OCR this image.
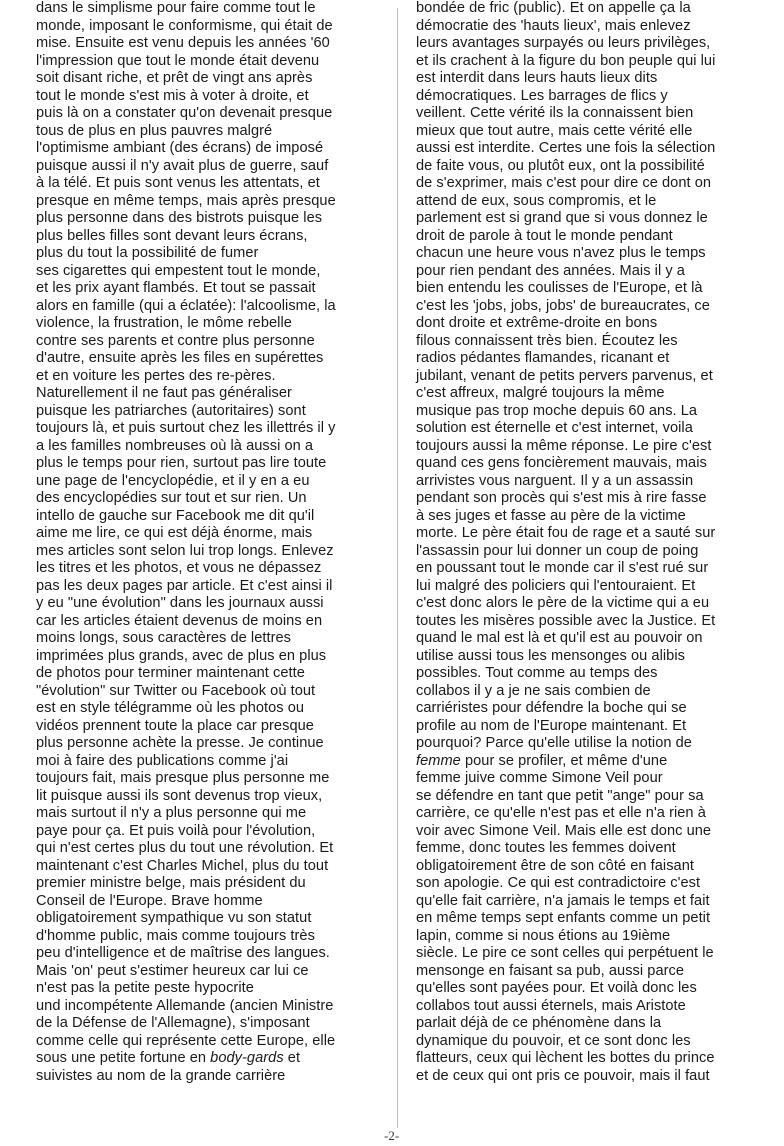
dans le simplisme pour faire comme tout le
monde, imposant le conformisme, qui était de
mise. Ensuite est venu depuis les années '60
l'impression que tout le monde était devenu
soit disant riche, et prêt de vingt ans après
tout le monde s'est mis à voter à droite, et
puis là on a constater qu'on devenait presque
tous de plus en plus pauvres malgré
l'optimisme ambiant (des écrans) de imposé
puisque aussi il n'y avait plus de guerre, sauf
à la télé. Et puis sont venus les attentats, et
presque en même temps, mais après presque
plus personne dans des bistrots puisque les
plus belles filles sont devant leurs écrans,
plus du tout la possibilité de fumer
ses cigarettes qui empestent tout le monde,
et les prix ayant flambés. Et tout se passait
alors en famille (qui a éclatée): l'alcoolisme, la
violence, la frustration, le môme rebelle
contre ses parents et contre plus personne
d'autre, ensuite après les files en supérettes
et en voiture les pertes des re-pères.
Naturellement il ne faut pas généraliser
puisque les patriarches (autoritaires) sont
toujours là, et puis surtout chez les illettrés il y
a les familles nombreuses où là aussi on a
plus le temps pour rien, surtout pas lire toute
une page de l'encyclopédie, et il y en a eu
des encyclopédies sur tout et sur rien. Un
intello de gauche sur Facebook me dit qu'il
aime me lire, ce qui est déjà énorme, mais
mes articles sont selon lui trop longs. Enlevez
les titres et les photos, et vous ne dépassez
pas les deux pages par article. Et c'est ainsi il
y eu "une évolution" dans les journaux aussi
car les articles étaient devenus de moins en
moins longs, sous caractères de lettres
imprimées plus grands, avec de plus en plus
de photos pour terminer maintenant cette
"évolution" sur Twitter ou Facebook où tout
est en style télégramme où les photos ou
vidéos prennent toute la place car presque
plus personne achète la presse. Je continue
moi à faire des publications comme j'ai
toujours fait, mais presque plus personne me
lit puisque aussi ils sont devenus trop vieux,
mais surtout il n'y a plus personne qui me
paye pour ça. Et puis voilà pour l'évolution,
qui n'est certes plus du tout une révolution. Et
maintenant c'est Charles Michel, plus du tout
premier ministre belge, mais président du
Conseil de l'Europe. Brave homme
obligatoirement sympathique vu son statut
d'homme public, mais comme toujours très
peu d'intelligence et de maîtrise des langues.
Mais 'on' peut s'estimer heureux car lui ce
n'est pas la petite peste hypocrite
und incompétente Allemande (ancien Ministre
de la Défense de l'Allemagne), s'imposant
comme celle qui représente cette Europe, elle
sous une petite fortune en body-gards et
suivistes au nom de la grande carrière
bondée de fric (public). Et on appelle ça la
démocratie des 'hauts lieux', mais enlevez
leurs avantages surpayés ou leurs privilèges,
et ils crachent à la figure du bon peuple qui lui
est interdit dans leurs hauts lieux dits
démocratiques. Les barrages de flics y
veillent. Cette vérité ils la connaissent bien
mieux que tout autre, mais cette vérité elle
aussi est interdite. Certes une fois la sélection
de faite vous, ou plutôt eux, ont la possibilité
de s'exprimer, mais c'est pour dire ce dont on
attend de eux, sous compromis, et le
parlement est si grand que si vous donnez le
droit de parole à tout le monde pendant
chacun une heure vous n'avez plus le temps
pour rien pendant des années. Mais il y a
bien entendu les coulisses de l'Europe, et là
c'est les 'jobs, jobs, jobs' de bureaucrates, ce
dont droite et extrême-droite en bons
filous connaissent très bien. Écoutez les
radios pédantes flamandes, ricanant et
jubilant, venant de petits pervers parvenus, et
c'est affreux, malgré toujours la même
musique pas trop moche depuis 60 ans. La
solution est éternelle et c'est internet, voila
toujours aussi la même réponse. Le pire c'est
quand ces gens foncièrement mauvais, mais
arrivistes vous narguent. Il y a un assassin
pendant son procès qui s'est mis à rire fasse
à ses juges et fasse au père de la victime
morte. Le père était fou de rage et a sauté sur
l'assassin pour lui donner un coup de poing
en poussant tout le monde car il s'est rué sur
lui malgré des policiers qui l'entouraient. Et
c'est donc alors le père de la victime qui a eu
toutes les misères possible avec la Justice. Et
quand le mal est là et qu'il est au pouvoir on
utilise aussi tous les mensonges ou alibis
possibles. Tout comme au temps des
collabos il y a je ne sais combien de
carriéristes pour défendre la boche qui se
profile au nom de l'Europe maintenant. Et
pourquoi? Parce qu'elle utilise la notion de
femme pour se profiler, et même d'une
femme juive comme Simone Veil pour
se défendre en tant que petit "ange" pour sa
carrière, ce qu'elle n'est pas et elle n'a rien à
voir avec Simone Veil. Mais elle est donc une
femme, donc toutes les femmes doivent
obligatoirement être de son côté en faisant
son apologie. Ce qui est contradictoire c'est
qu'elle fait carrière, n'a jamais le temps et fait
en même temps sept enfants comme un petit
lapin, comme si nous étions au 19ième
siècle. Le pire ce sont celles qui perpétuent le
mensonge en faisant sa pub, aussi parce
qu'elles sont payées pour. Et voilà donc les
collabos tout aussi éternels, mais Aristote
parlait déjà de ce phénomène dans la
dynamique du pouvoir, et ce sont donc les
flatteurs, ceux qui lèchent les bottes du prince
et de ceux qui ont pris ce pouvoir, mais il faut
-2-
